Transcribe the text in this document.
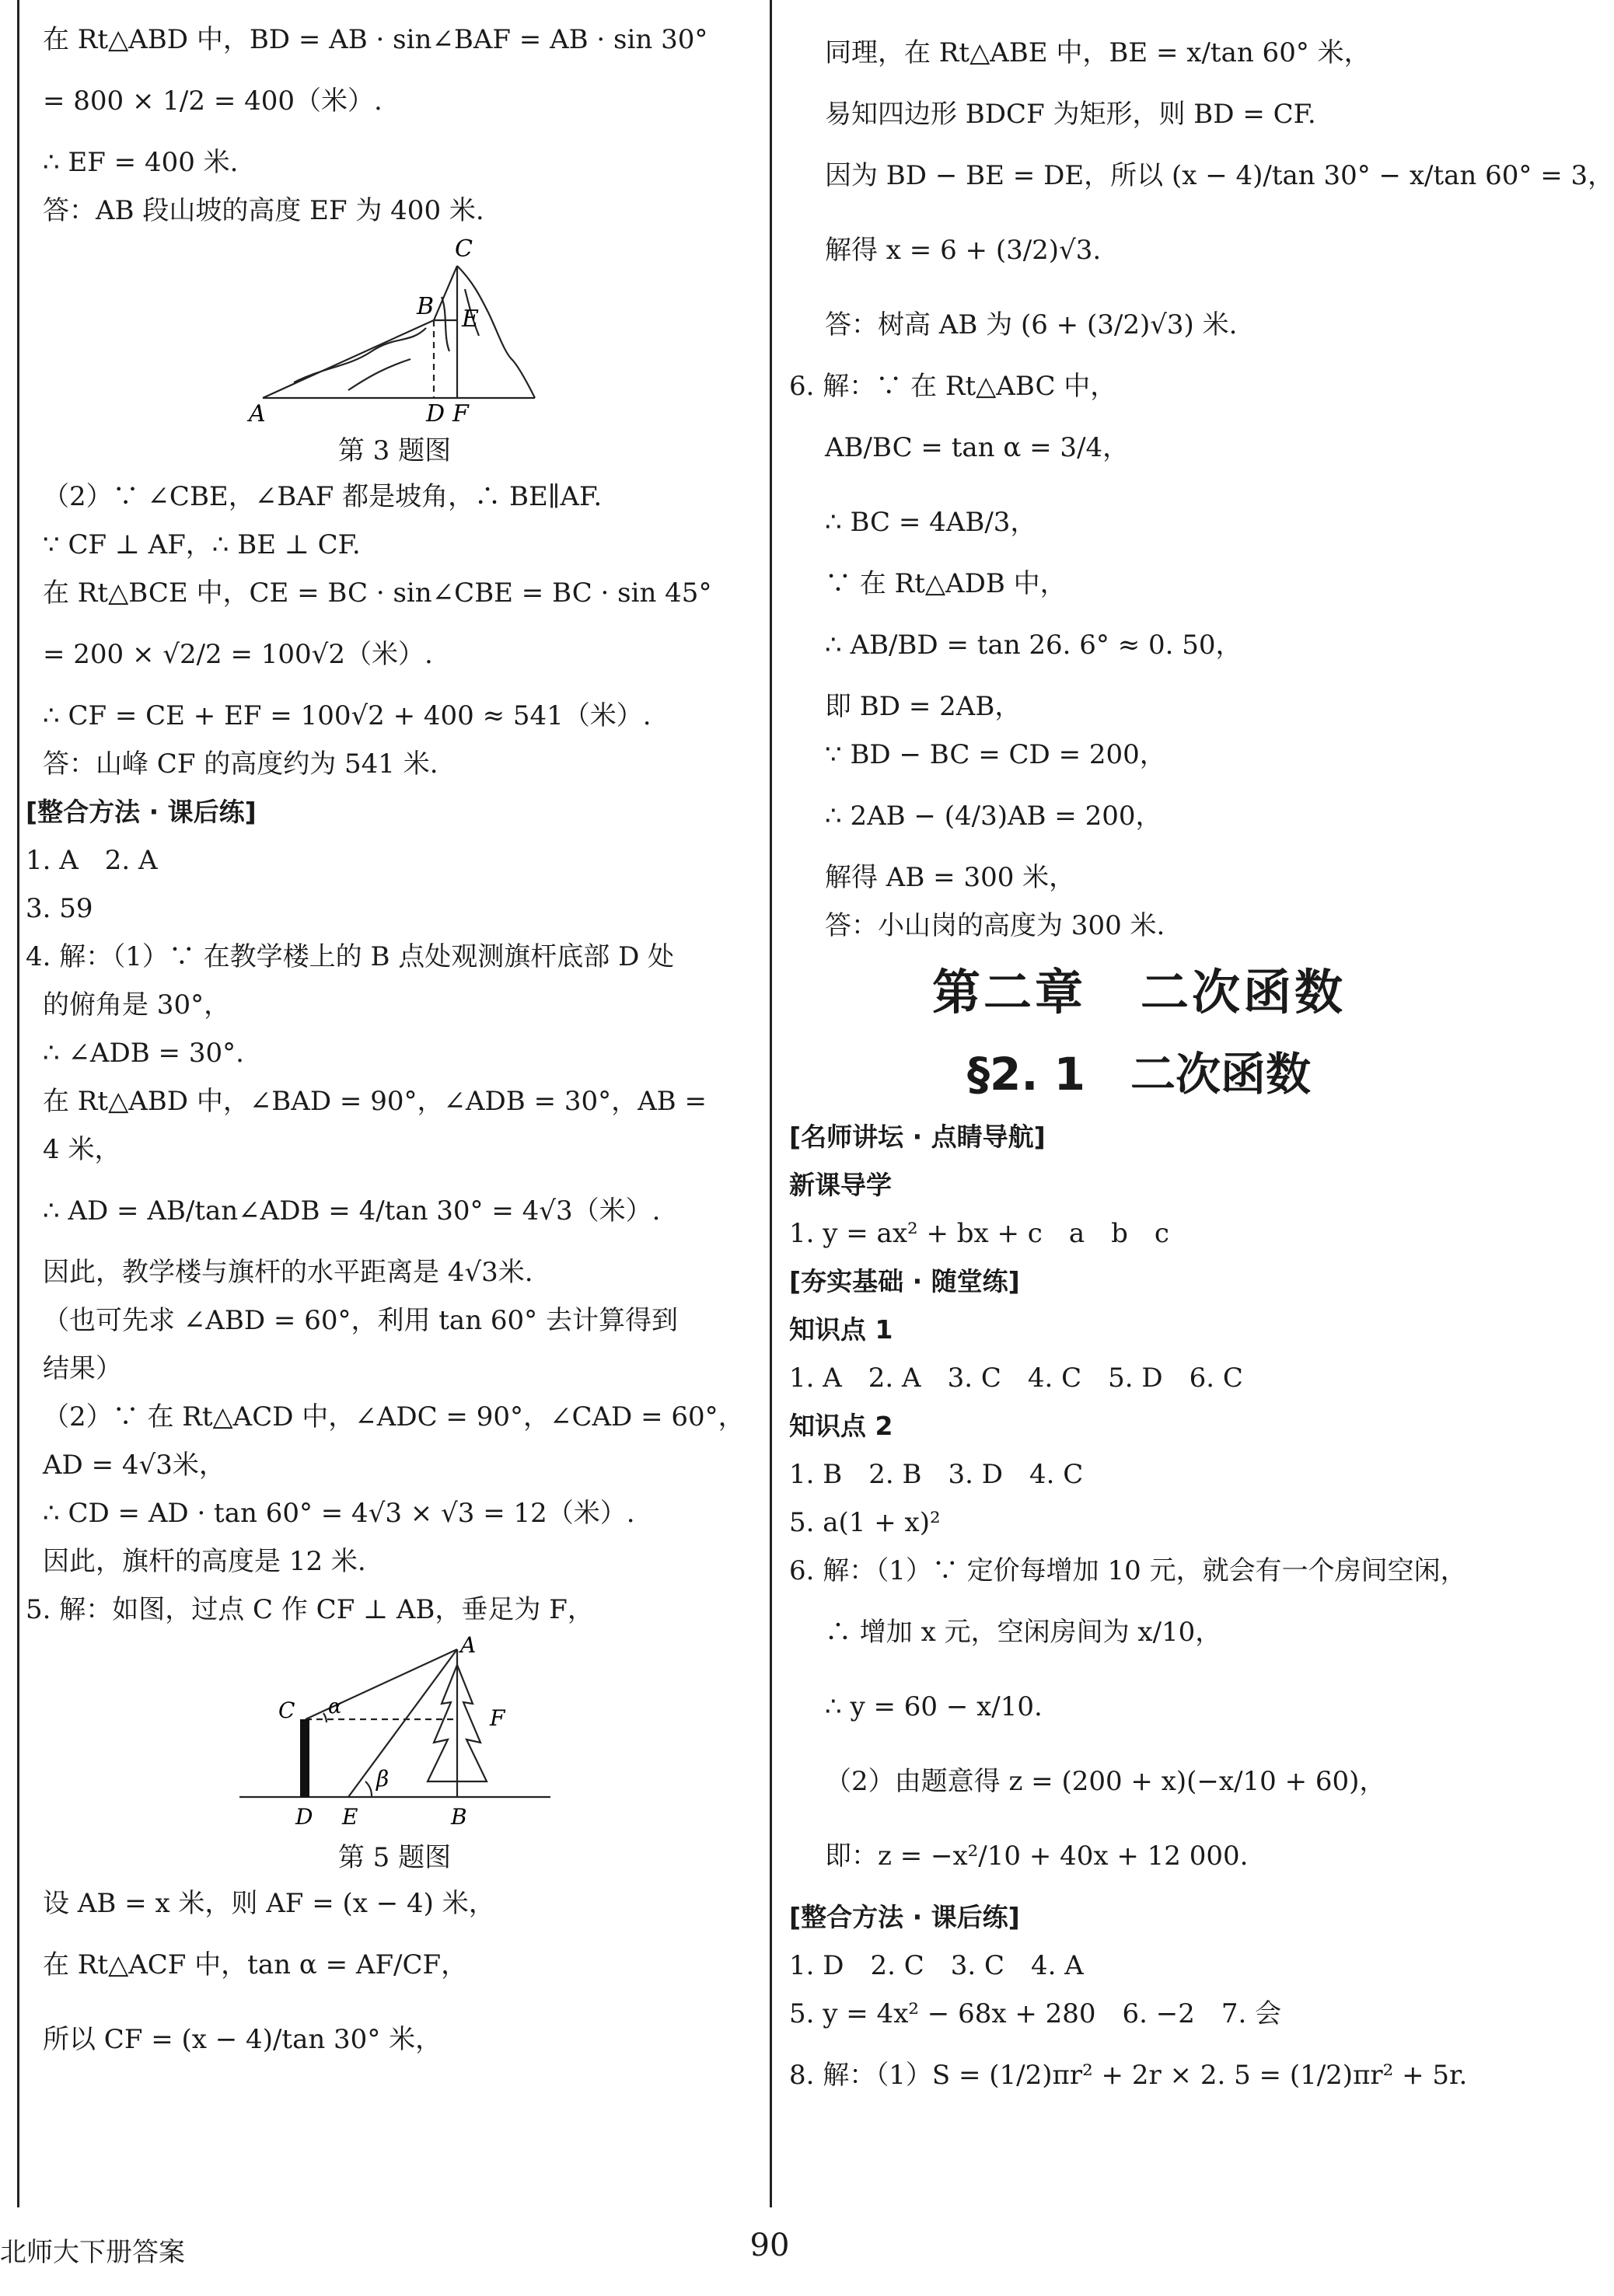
在 Rt△ABD 中，BD = AB · sin∠BAF = AB · sin 30°
= 800 × 1/2 = 400（米）.
∴ EF = 400 米.
答：AB 段山坡的高度 EF 为 400 米.
C
B E
A	D F
第 3 题图
（2）∵ ∠CBE，∠BAF 都是坡角，∴ BE∥AF.
∵ CF ⊥ AF，∴ BE ⊥ CF.
在 Rt△BCE 中，CE = BC · sin∠CBE = BC · sin 45°
= 200 × √2/2 = 100√2（米）.
∴ CF = CE + EF = 100√2 + 400 ≈ 541（米）.
答：山峰 CF 的高度约为 541 米.
[整合方法 · 课后练]
1. A　2. A
3. 59
4. 解：（1）∵ 在教学楼上的 B 点处观测旗杆底部 D 处
的俯角是 30°，
∴ ∠ADB = 30°.
在 Rt△ABD 中，∠BAD = 90°，∠ADB = 30°，AB =
4 米，
∴ AD = AB/tan∠ADB = 4/tan 30° = 4√3（米）.
因此，教学楼与旗杆的水平距离是 4√3米.
（也可先求 ∠ABD = 60°，利用 tan 60° 去计算得到
结果）
（2）∵ 在 Rt△ACD 中，∠ADC = 90°，∠CAD = 60°，
AD = 4√3米，
∴ CD = AD · tan 60° = 4√3 × √3 = 12（米）.
因此，旗杆的高度是 12 米.
5. 解：如图，过点 C 作 CF ⊥ AB，垂足为 F，
A
C α	F
β
D E	B
第 5 题图
设 AB = x 米，则 AF = (x − 4) 米，
在 Rt△ACF 中，tan α = AF/CF，
所以 CF = (x − 4)/tan 30° 米，
同理，在 Rt△ABE 中，BE = x/tan 60° 米，
易知四边形 BDCF 为矩形，则 BD = CF.
因为 BD − BE = DE，所以 (x − 4)/tan 30° − x/tan 60° = 3，
解得 x = 6 + (3/2)√3.
答：树高 AB 为 (6 + (3/2)√3) 米.
6. 解：∵ 在 Rt△ABC 中，
AB/BC = tan α = 3/4，
∴ BC = 4AB/3，
∵ 在 Rt△ADB 中，
∴ AB/BD = tan 26. 6° ≈ 0. 50，
即 BD = 2AB，
∵ BD − BC = CD = 200，
∴ 2AB − (4/3)AB = 200，
解得 AB = 300 米，
答：小山岗的高度为 300 米.
第二章 二次函数
§2. 1　二次函数
[名师讲坛 · 点睛导航]
新课导学
1. y = ax² + bx + c　a　b　c
[夯实基础 · 随堂练]
知识点 1
1. A　2. A　3. C　4. C　5. D　6. C
知识点 2
1. B　2. B　3. D　4. C
5. a(1 + x)²
6. 解：（1）∵ 定价每增加 10 元，就会有一个房间空闲，
∴ 增加 x 元，空闲房间为 x/10，
∴ y = 60 − x/10.
（2）由题意得 z = (200 + x)(−x/10 + 60)，
即：z = −x²/10 + 40x + 12 000.
[整合方法 · 课后练]
1. D　2. C　3. C　4. A
5. y = 4x² − 68x + 280　6. −2　7. 会
8. 解：（1）S = (1/2)πr² + 2r × 2. 5 = (1/2)πr² + 5r.
北师大下册答案	90
